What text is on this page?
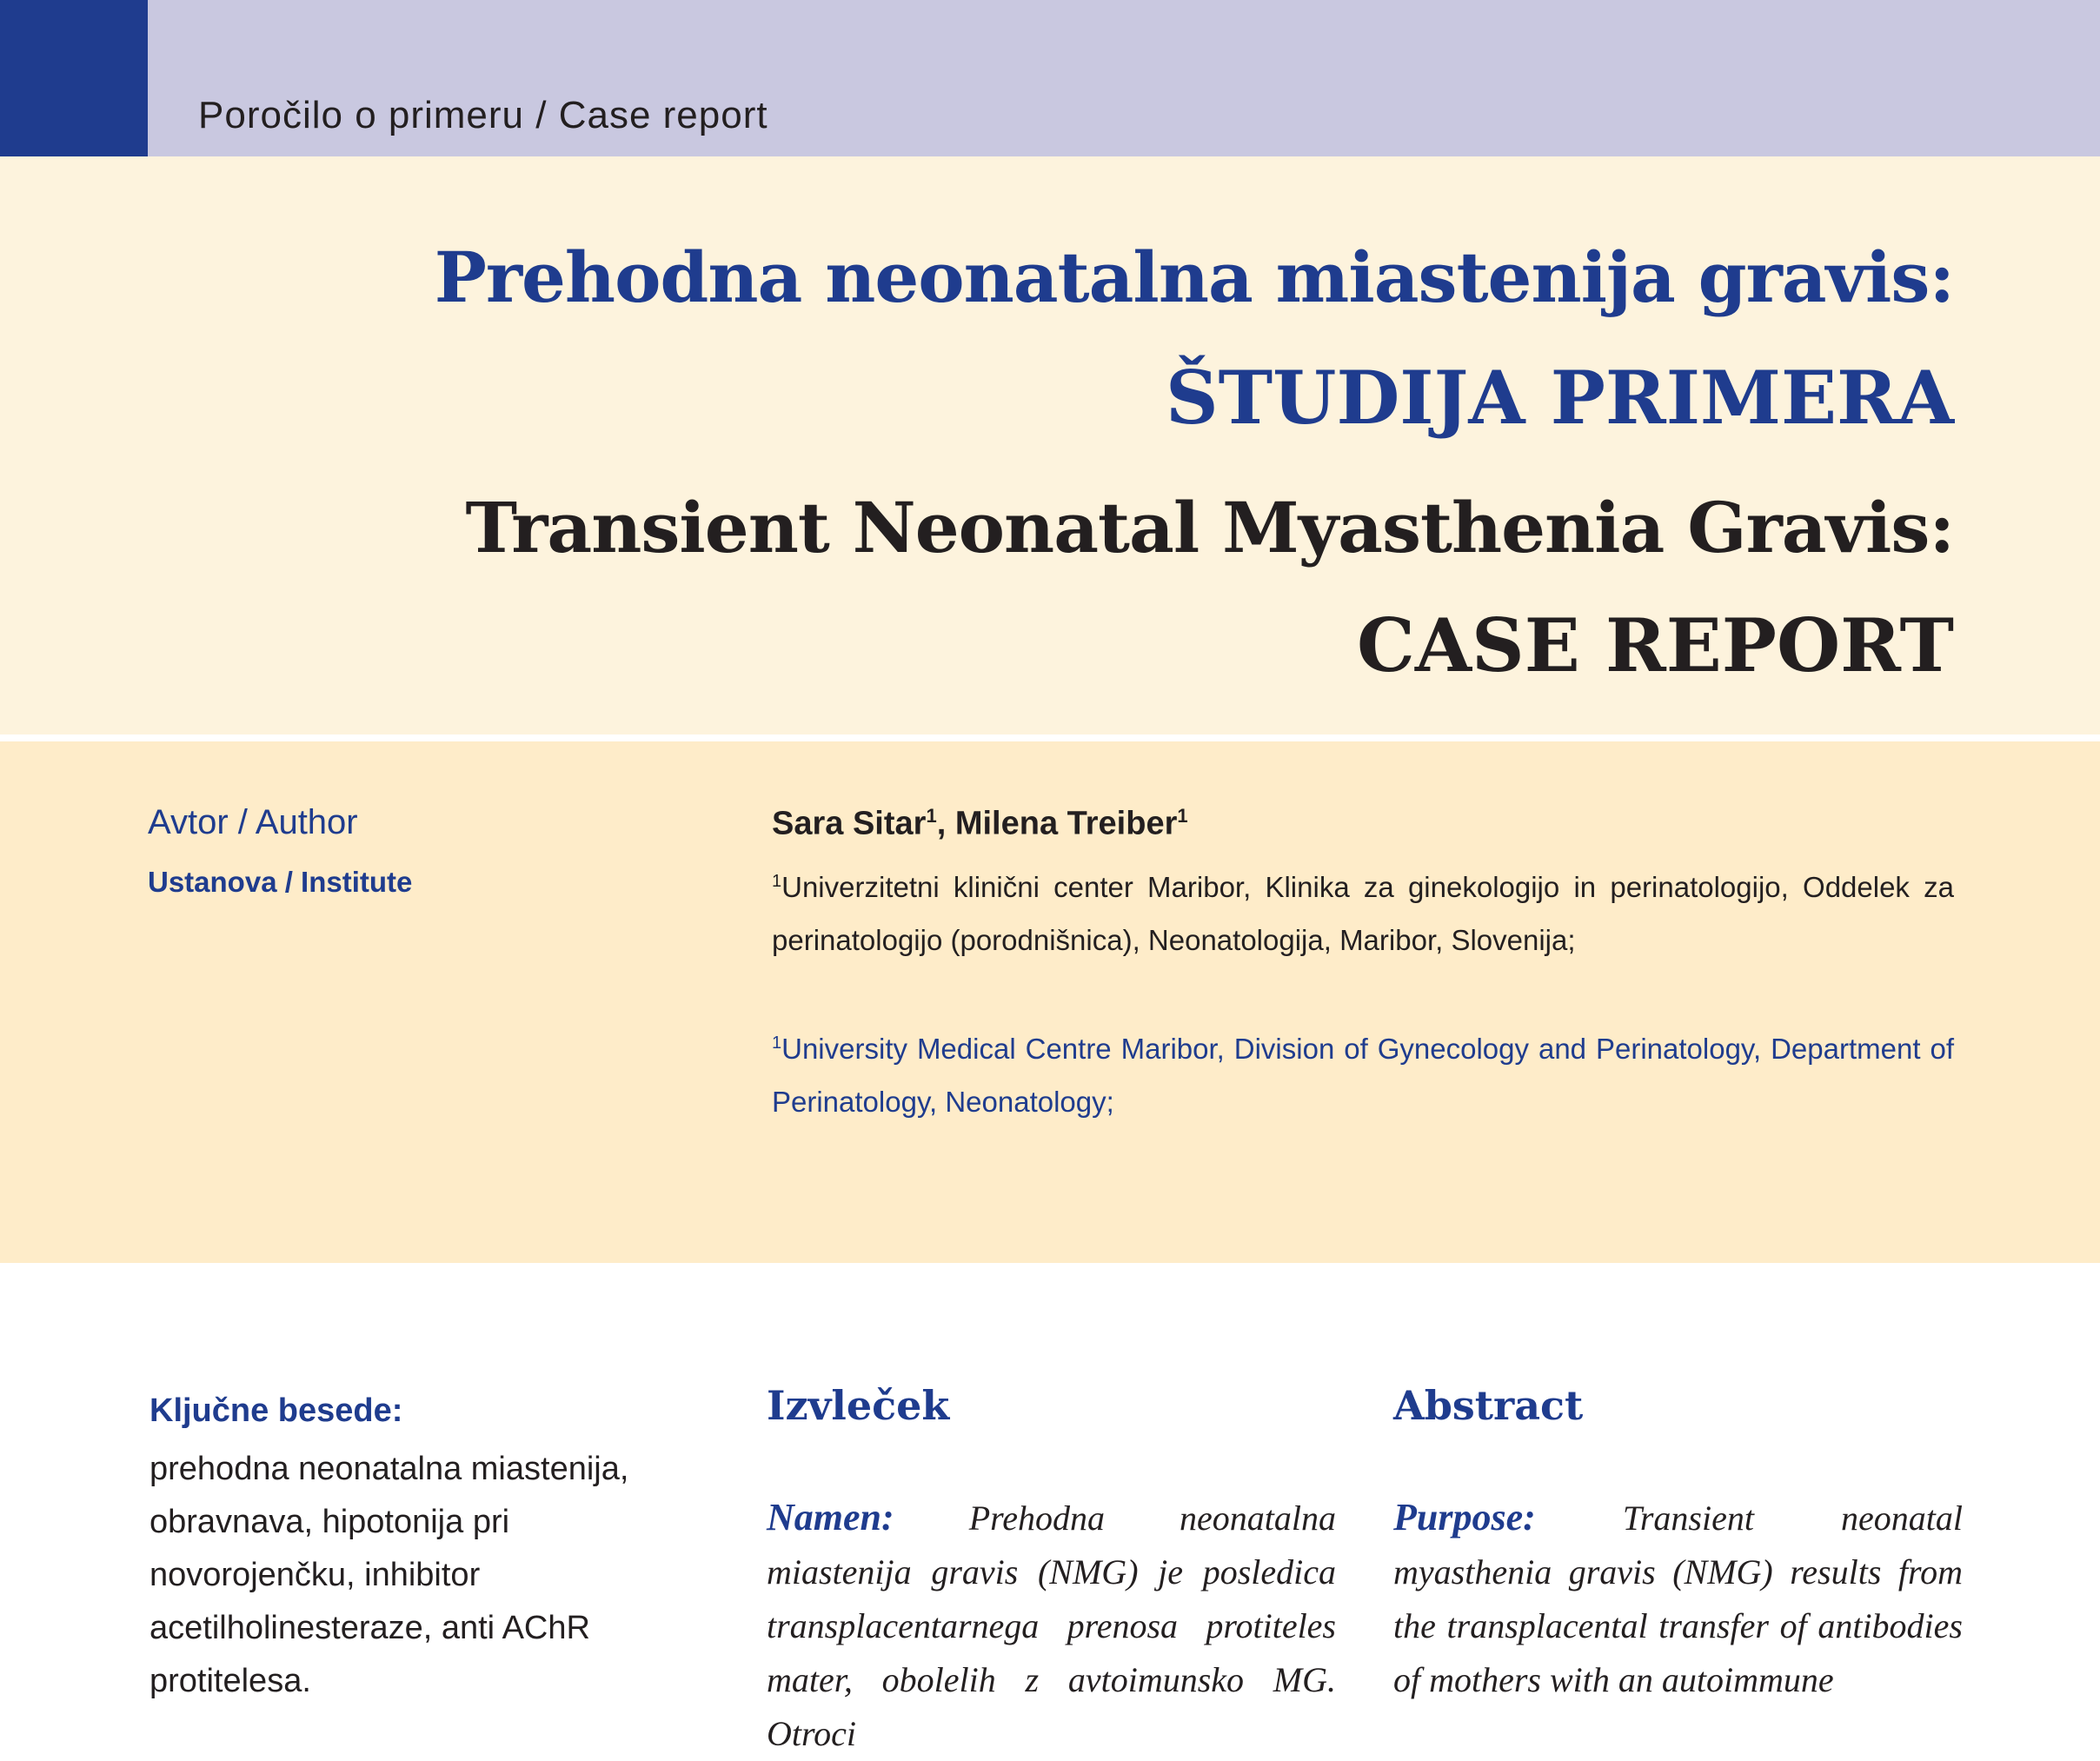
Poročilo o primeru / Case report
Prehodna neonatalna miastenija gravis:
ŠTUDIJA PRIMERA
Transient Neonatal Myasthenia Gravis:
CASE REPORT
Avtor / Author
Ustanova / Institute
Sara Sitar$^1$, Milena Treiber$^1$
$^1$Univerzitetni klinični center Maribor, Klinika za ginekologijo in perinatologijo, Oddelek za perinatologijo (porodnišnica), Neonatologija, Maribor, Slovenija;
$^1$University Medical Centre Maribor, Division of Gynecology and Perinatology, Department of Perinatology, Neonatology;
Ključne besede:
prehodna neonatalna miastenija, obravnava, hipotonija pri novorojenčku, inhibitor acetilholinesteraze, anti AChR protitelesa.
Izvleček
Namen: Prehodna neonatalna miastenija gravis (NMG) je posledica transplacentarnega prenosa protiteles mater, obolelih z avtoimunsko MG. Otroci
Abstract
Purpose:	Transient neonatal myasthenia gravis (NMG) results from the transplacental transfer of antibodies of mothers with an autoimmune
